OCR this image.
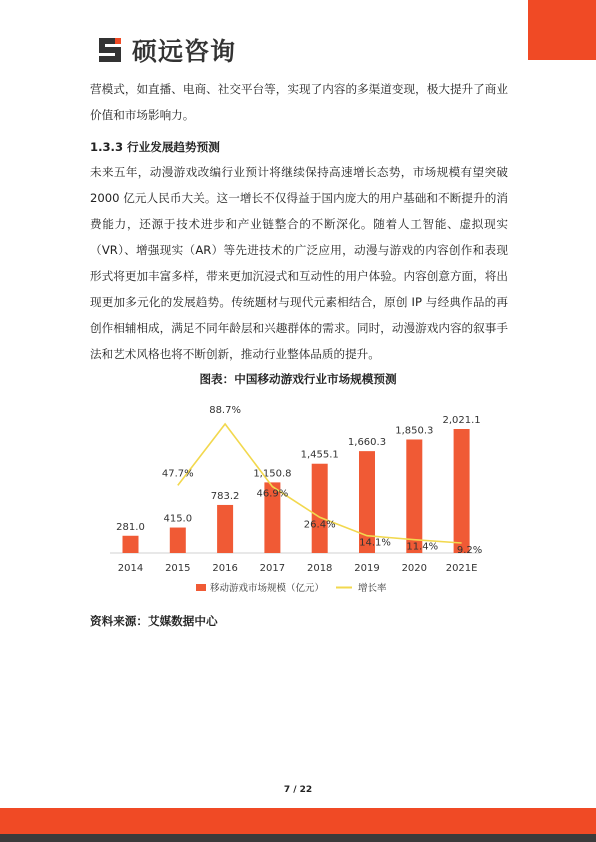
硕远咨询

营模式，如直播、电商、社交平台等，实现了内容的多渠道变现，极大提升了商业价值和市场影响力。

1.3.3 行业发展趋势预测

未来五年，动漫游戏改编行业预计将继续保持高速增长态势，市场规模有望突破 2000 亿元人民币大关。这一增长不仅得益于国内庞大的用户基础和不断提升的消费能力，还源于技术进步和产业链整合的不断深化。随着人工智能、虚拟现实（VR）、增强现实（AR）等先进技术的广泛应用，动漫与游戏的内容创作和表现形式将更加丰富多样，带来更加沉浸式和互动性的用户体验。内容创意方面，将出现更加多元化的发展趋势。传统题材与现代元素相结合，原创 IP 与经典作品的再创作相辅相成，满足不同年龄层和兴趣群体的需求。同时，动漫游戏内容的叙事手法和艺术风格也将不断创新，推动行业整体品质的提升。

图表：中国移动游戏行业市场规模预测
281.0
2014
415.0
2015
783.2
2016
1,150.8
2017
1,455.1
2018
1,660.3
2019
1,850.3
2020
2,021.1
2021E
47.7%
88.7%
46.9%
26.4%
14.1% 11.4% 9.2%
移动游戏市场规模（亿元）	增长率
资料来源：艾媒数据中心
7 / 22
